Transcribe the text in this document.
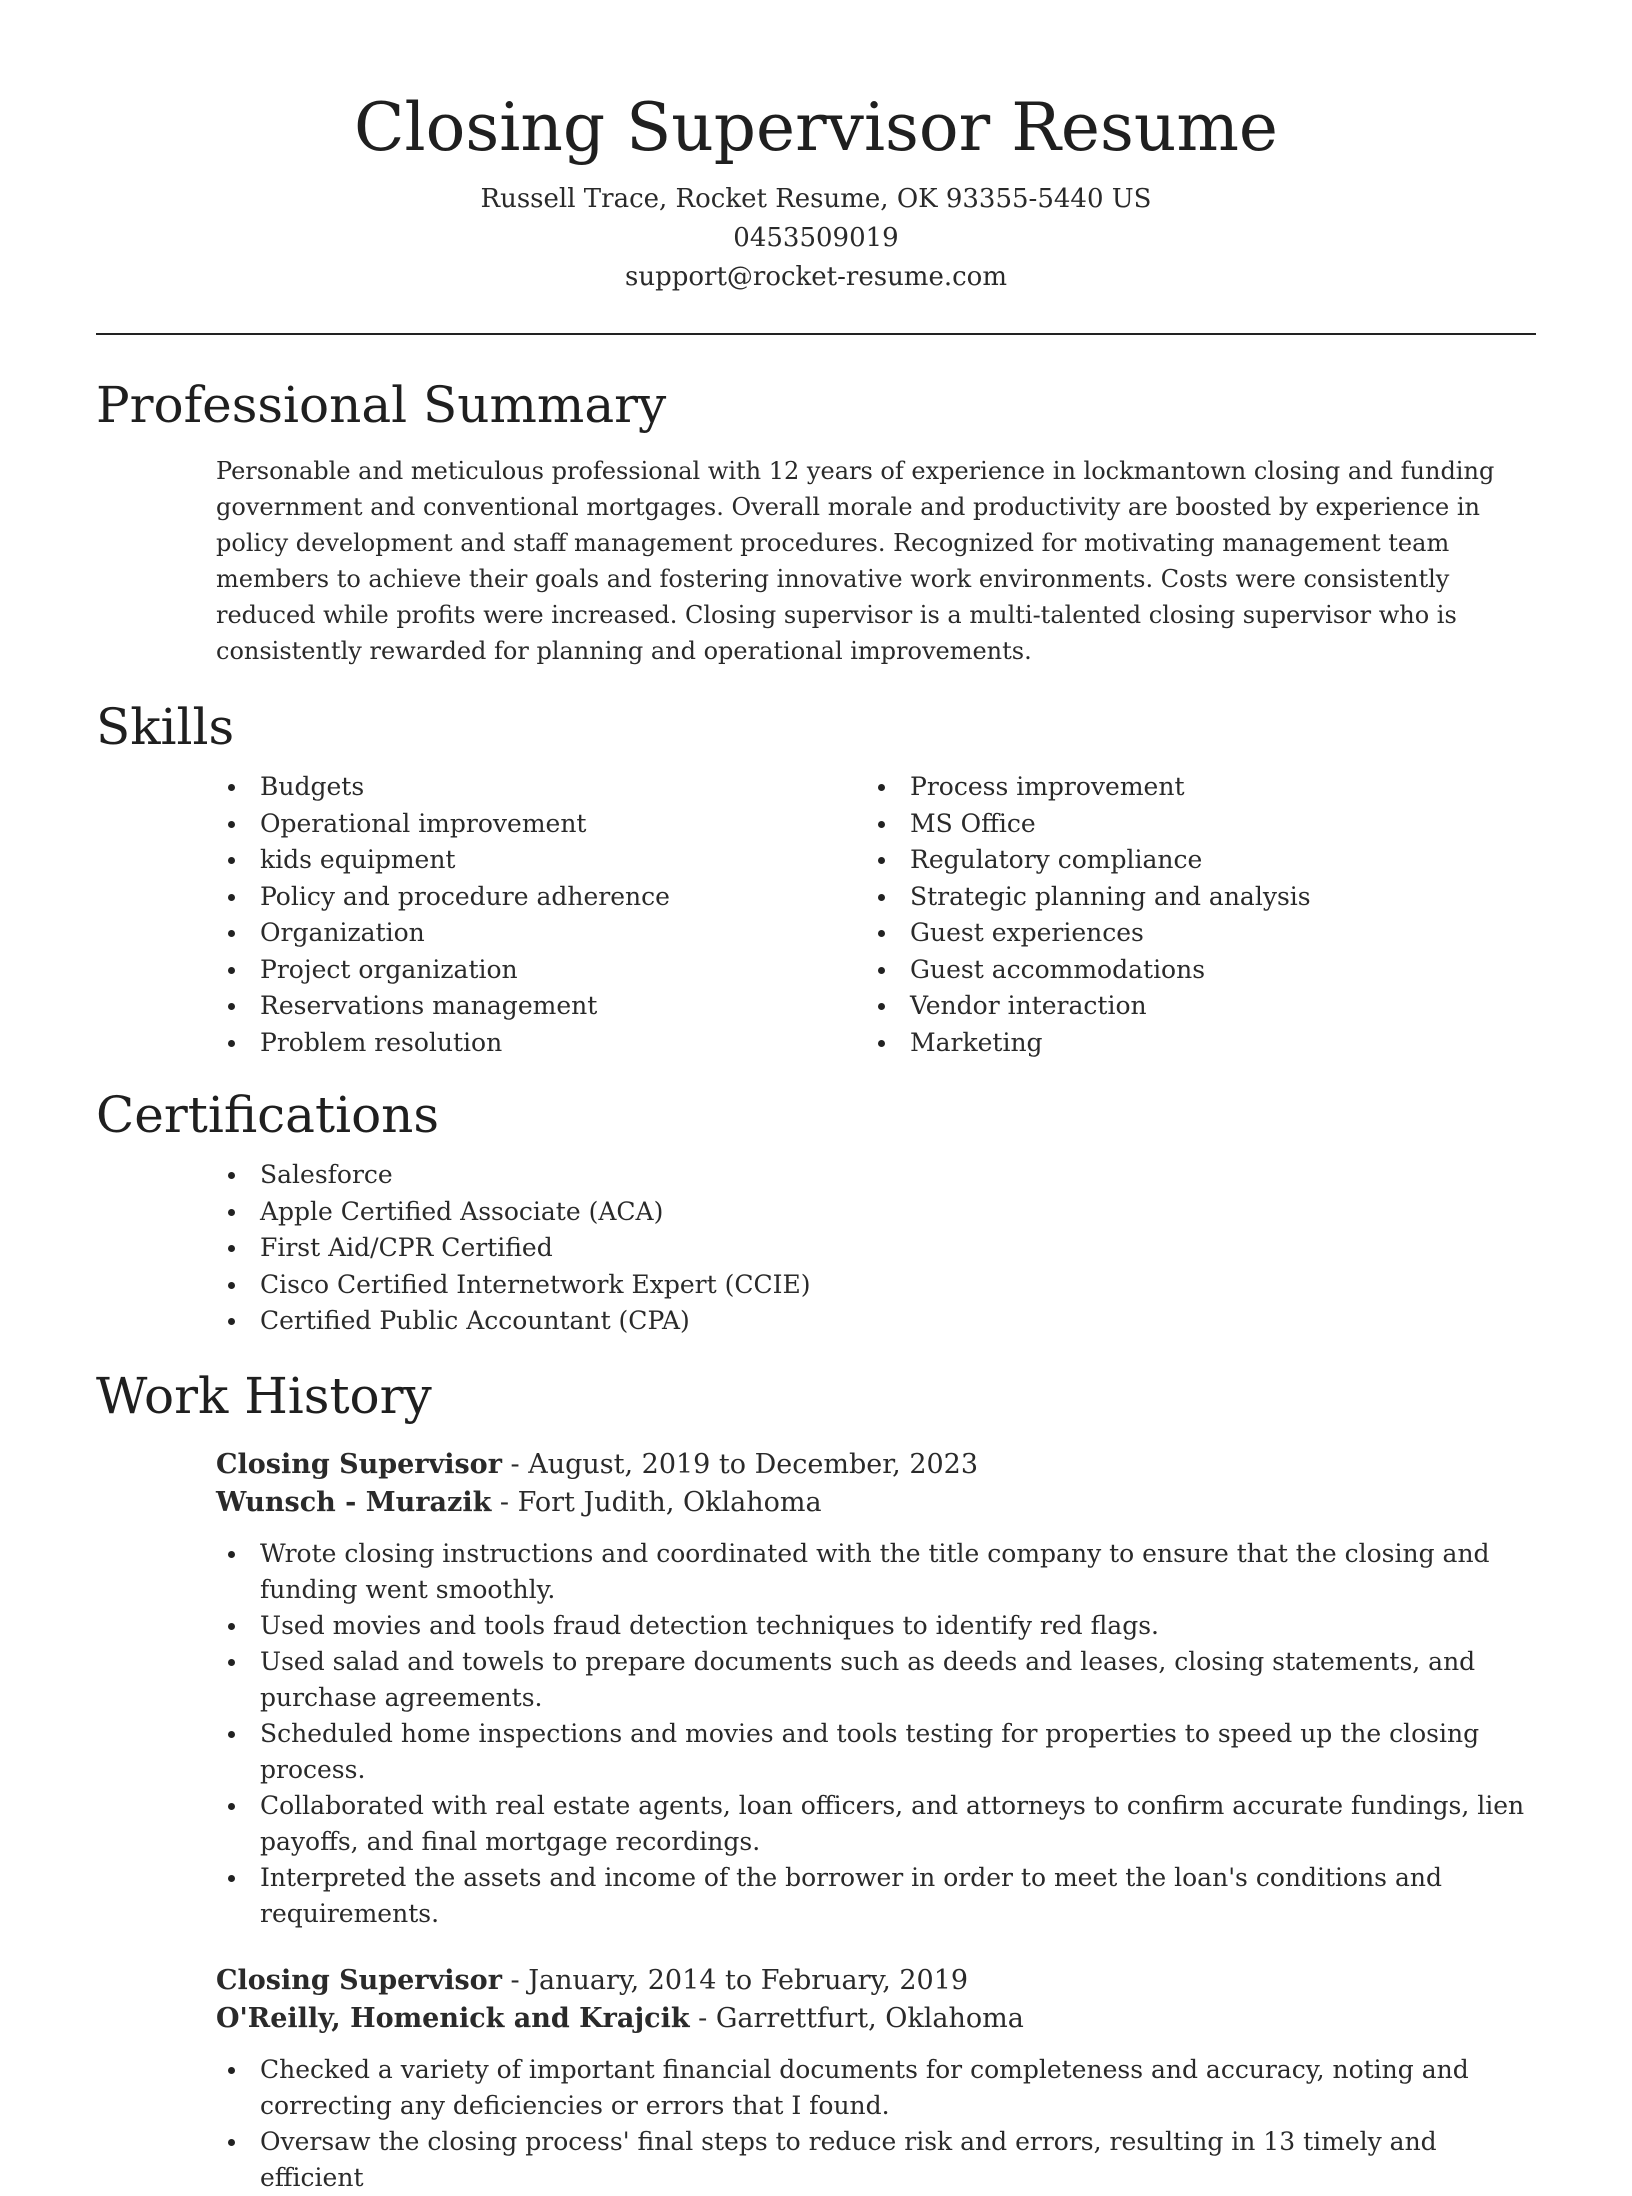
Closing Supervisor Resume
Russell Trace, Rocket Resume, OK 93355-5440 US
0453509019
support@rocket-resume.com
Professional Summary

Personable and meticulous professional with 12 years of experience in lockmantown closing and funding government and conventional mortgages. Overall morale and productivity are boosted by experience in policy development and staff management procedures. Recognized for motivating management team members to achieve their goals and fostering innovative work environments. Costs were consistently reduced while profits were increased. Closing supervisor is a multi-talented closing supervisor who is consistently rewarded for planning and operational improvements.

Skills
Budgets
Operational improvement
kids equipment
Policy and procedure adherence
Organization
Project organization
Reservations management
Problem resolution
Process improvement
MS Office
Regulatory compliance
Strategic planning and analysis
Guest experiences
Guest accommodations
Vendor interaction
Marketing
Certifications
Salesforce
Apple Certified Associate (ACA)
First Aid/CPR Certified
Cisco Certified Internetwork Expert (CCIE)
Certified Public Accountant (CPA)
Work History
Closing Supervisor - August, 2019 to December, 2023
Wunsch - Murazik - Fort Judith, Oklahoma
Wrote closing instructions and coordinated with the title company to ensure that the closing and funding went smoothly.
Used movies and tools fraud detection techniques to identify red flags.
Used salad and towels to prepare documents such as deeds and leases, closing statements, and purchase agreements.
Scheduled home inspections and movies and tools testing for properties to speed up the closing process.
Collaborated with real estate agents, loan officers, and attorneys to confirm accurate fundings, lien payoffs, and final mortgage recordings.
Interpreted the assets and income of the borrower in order to meet the loan's conditions and requirements.
Closing Supervisor - January, 2014 to February, 2019
O'Reilly, Homenick and Krajcik - Garrettfurt, Oklahoma
Checked a variety of important financial documents for completeness and accuracy, noting and correcting any deficiencies or errors that I found.
Oversaw the closing process' final steps to reduce risk and errors, resulting in 13 timely and efficient
